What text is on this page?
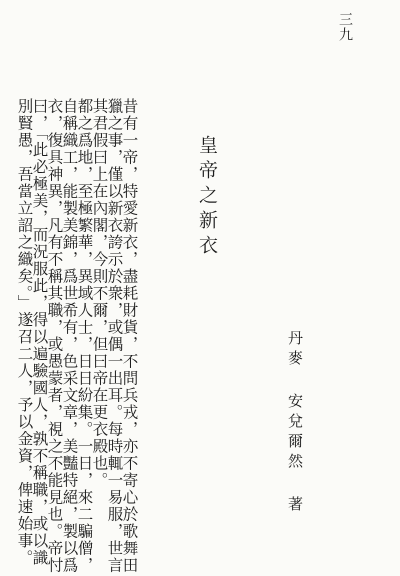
三九
丹麥 安兌爾然 著
皇帝之新衣
昔有一帝，特愛新衣，盡耗財貨，不問兵戎，亦不寄心於歌舞田
獵之事，僅以新衣誇示於衆，或偶一出耳。每時輒一易服，世言
其君假曰上在內閣，今則不爾，但曰帝在更衣殿也。
都之爲地，至極繁華，異域人士，日日紛集。一日，來二騙僧，
自稱織工，能製美錦，爲世希有，色采文章，美豔特絕，製以爲
衣，復具神異，凡有不稱其職，或愚蒙者，視之不能見也。帝忖
曰，「此必極美，而況服此，得以遍驗國人，孰不稱職，或以識
別賢愚，吾當立詔之織矣。」遂召二人，予以金資，俾速始事。
